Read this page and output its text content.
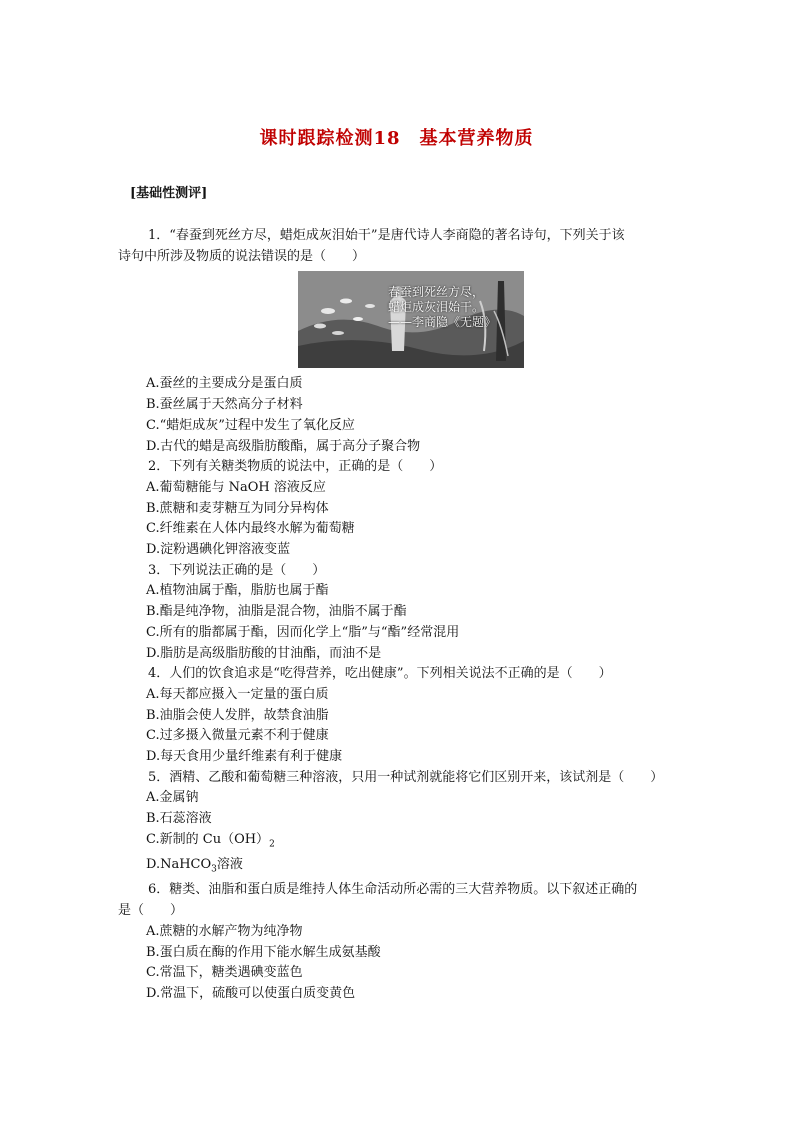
课时跟踪检测18　基本营养物质
[基础性测评]

1．“春蚕到死丝方尽，蜡炬成灰泪始干”是唐代诗人李商隐的著名诗句，下列关于该

诗句中所涉及物质的说法错误的是（　　）

春蚕到死丝方尽，
蜡炬成灰泪始干。
——李商隐《无题》

A.蚕丝的主要成分是蛋白质

B.蚕丝属于天然高分子材料

C.“蜡炬成灰”过程中发生了氧化反应

D.古代的蜡是高级脂肪酸酯，属于高分子聚合物

2．下列有关糖类物质的说法中，正确的是（　　）

A.葡萄糖能与 NaOH 溶液反应

B.蔗糖和麦芽糖互为同分异构体

C.纤维素在人体内最终水解为葡萄糖

D.淀粉遇碘化钾溶液变蓝

3．下列说法正确的是（　　）

A.植物油属于酯，脂肪也属于酯

B.酯是纯净物，油脂是混合物，油脂不属于酯

C.所有的脂都属于酯，因而化学上“脂”与“酯”经常混用

D.脂肪是高级脂肪酸的甘油酯，而油不是

4．人们的饮食追求是“吃得营养，吃出健康”。下列相关说法不正确的是（　　）

A.每天都应摄入一定量的蛋白质

B.油脂会使人发胖，故禁食油脂

C.过多摄入微量元素不利于健康

D.每天食用少量纤维素有利于健康

5．酒精、乙酸和葡萄糖三种溶液，只用一种试剂就能将它们区别开来，该试剂是（　　）

A.金属钠

B.石蕊溶液

C.新制的 $Cu(OH)_2$

D.NaHCO$_3$溶液

6．糖类、油脂和蛋白质是维持人体生命活动所必需的三大营养物质。以下叙述正确的

是（　　）

A.蔗糖的水解产物为纯净物

B.蛋白质在酶的作用下能水解生成氨基酸

C.常温下，糖类遇碘变蓝色

D.常温下，硫酸可以使蛋白质变黄色
